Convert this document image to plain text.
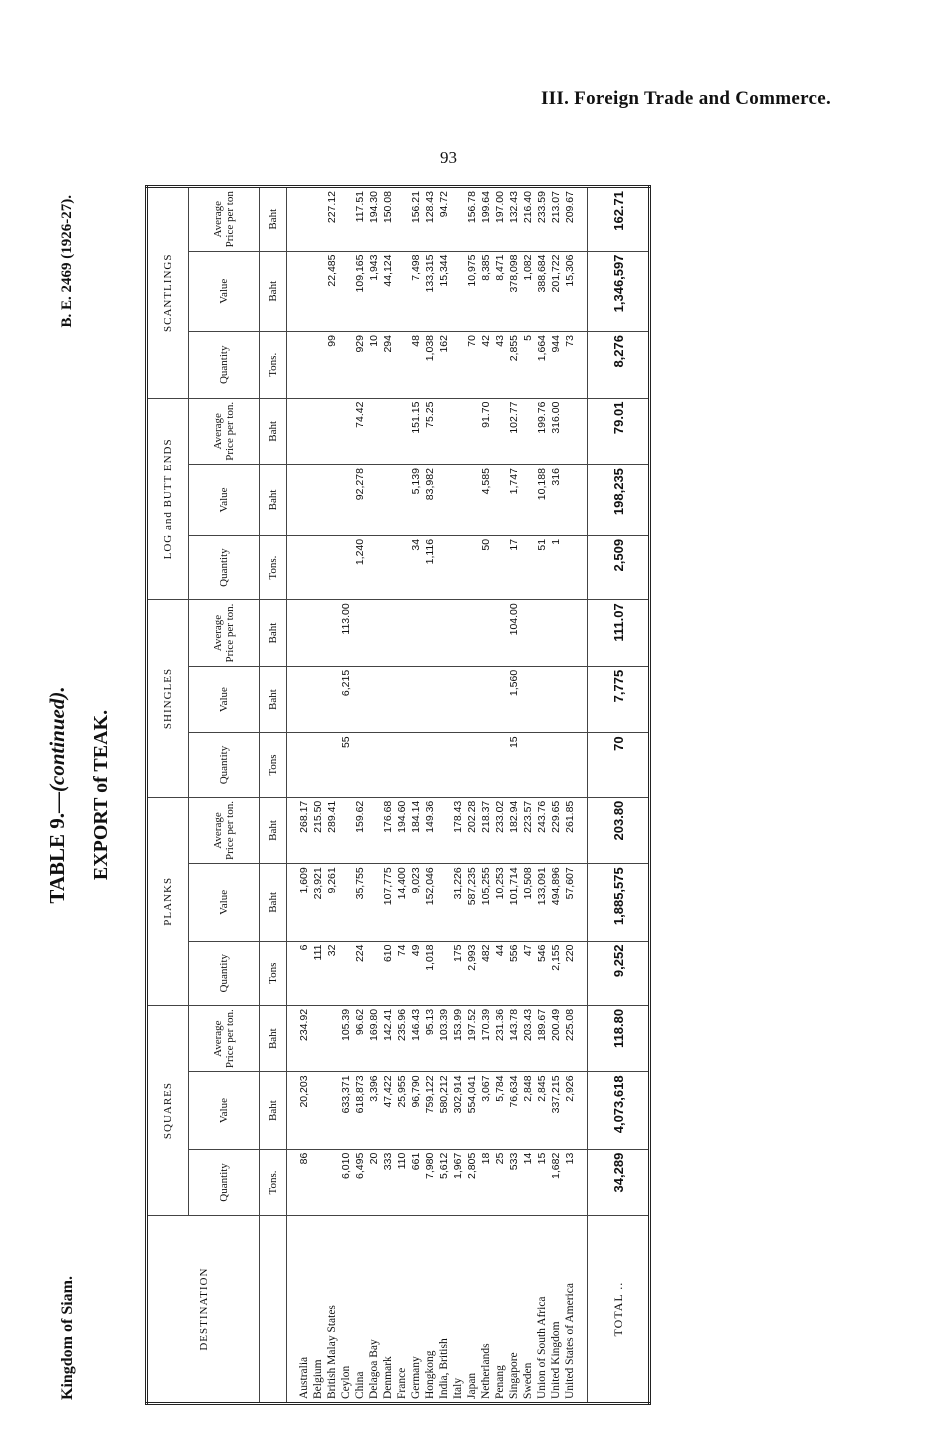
III. Foreign Trade and Commerce.
93
TABLE 9.—(continued). EXPORT of TEAK.
Kingdom of Siam.
B. E. 2469 (1926-27).
DESTINATION	SQUARES			PLANKS			SHINGLES			LOG and BUTT ENDS			SCANTLINGS		
	Quantity	Value	Average Price per ton.	Quantity	Value	Average Price per ton.	Quantity	Value	Average Price per ton.	Quantity	Value	Average Price per ton.	Quantity	Value	Average Price per ton
	Tons.	Baht	Baht	Tons	Baht	Baht	Tons	Baht	Baht	Tons.	Baht	Baht	Tons.	Baht	Baht

Australia	86	20,203	234.92	6	1,609	268.17									
Belgium				111	23,921	215.50									
British Malay States				32	9,261	289.41							99	22,485	227.12
Ceylon	6,010	633,371	105.39				55	6,215	113.00						
China	6,495	618,873	96.62	224	35,755	159.62				1,240	92,278	74.42	929	109,165	117.51
Delagoa Bay	20	3,396	169.80										10	1,943	194.30
Denmark	333	47,422	142.41	610	107,775	176.68							294	44,124	150.08
France	110	25,955	235.96	74	14,400	194.60									
Germany	661	96,790	146.43	49	9,023	184.14				34	5,139	151.15	48	7,498	156.21
Hongkong	7,980	759,122	95.13	1,018	152,046	149.36				1,116	83,982	75.25	1,038	133,315	128.43
India, British	5,612	580,212	103.39										162	15,344	94.72
Italy	1,967	302,914	153.99	175	31,226	178.43									
Japan	2,805	554,041	197.52	2,993	587,235	202.28							70	10,975	156.78
Netherlands	18	3,067	170.39	482	105,255	218.37				50	4,585	91.70	42	8,385	199.64
Penang	25	5,784	231.36	44	10,253	233.02							43	8,471	197.00
Singapore	533	76,634	143.78	556	101,714	182.94	15	1,560	104.00	17	1,747	102.77	2,855	378,098	132.43
Sweden	14	2,848	203.43	47	10,508	223.57							5	1,082	216.40
Union of South Africa	15	2,845	189.67	546	133,091	243.76				51	10,188	199.76	1,664	388,684	233.59
United Kingdom	1,682	337,215	200.49	2,155	494,896	229.65				1	316	316.00	944	201,722	213.07
United States of America	13	2,926	225.08	220	57,607	261.85							73	15,306	209.67

TOTAL ..	34,289	4,073,618	118.80	9,252	1,885,575	203.80	70	7,775	111.07	2,509	198,235	79.01	8,276	1,346,597	162.71
